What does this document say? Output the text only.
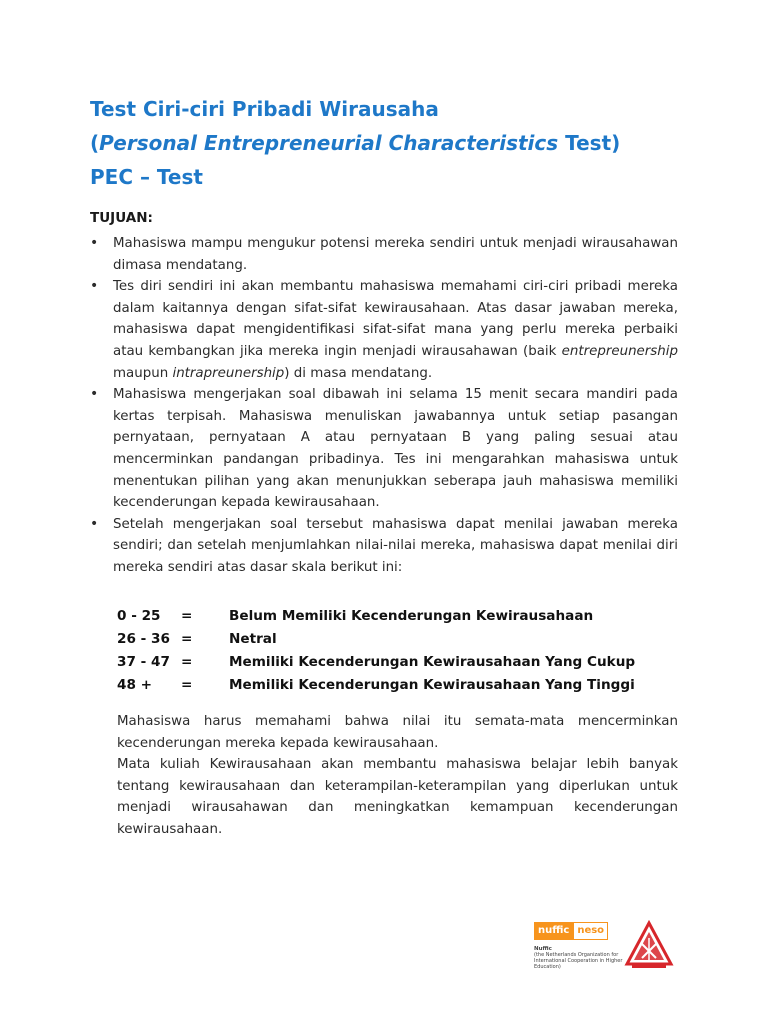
Test Ciri-ciri Pribadi Wirausaha
(Personal Entrepreneurial Characteristics Test)
PEC – Test
TUJUAN:
• Mahasiswa mampu mengukur potensi mereka sendiri untuk menjadi wirausahawan dimasa mendatang.
• Tes diri sendiri ini akan membantu mahasiswa memahami ciri-ciri pribadi mereka dalam kaitannya dengan sifat-sifat kewirausahaan. Atas dasar jawaban mereka, mahasiswa dapat mengidentifikasi sifat-sifat mana yang perlu mereka perbaiki atau kembangkan jika mereka ingin menjadi wirausahawan (baik entrepreunership maupun intrapreunership) di masa mendatang.
• Mahasiswa mengerjakan soal dibawah ini selama 15 menit secara mandiri pada kertas terpisah. Mahasiswa menuliskan jawabannya untuk setiap pasangan pernyataan, pernyataan A atau pernyataan B yang paling sesuai atau mencerminkan pandangan pribadinya. Tes ini mengarahkan mahasiswa untuk menentukan pilihan yang akan menunjukkan seberapa jauh mahasiswa memiliki kecenderungan kepada kewirausahaan.
• Setelah mengerjakan soal tersebut mahasiswa dapat menilai jawaban mereka sendiri; dan setelah menjumlahkan nilai-nilai mereka, mahasiswa dapat menilai diri mereka sendiri atas dasar skala berikut ini:
0 - 25	=	Belum Memiliki Kecenderungan Kewirausahaan
26 - 36 =	Netral
37 - 47 =	Memiliki Kecenderungan Kewirausahaan Yang Cukup
48 +	=	Memiliki Kecenderungan Kewirausahaan Yang Tinggi

Mahasiswa harus memahami bahwa nilai itu semata-mata mencerminkan kecenderungan mereka kepada kewirausahaan.

Mata kuliah Kewirausahaan akan membantu mahasiswa belajar lebih banyak tentang kewirausahaan dan keterampilan-keterampilan yang diperlukan untuk menjadi wirausahawan dan meningkatkan kemampuan kecenderungan kewirausahaan.

nuffic neso
Nuffic
(the Netherlands Organization for International Cooperation in Higher Education)
